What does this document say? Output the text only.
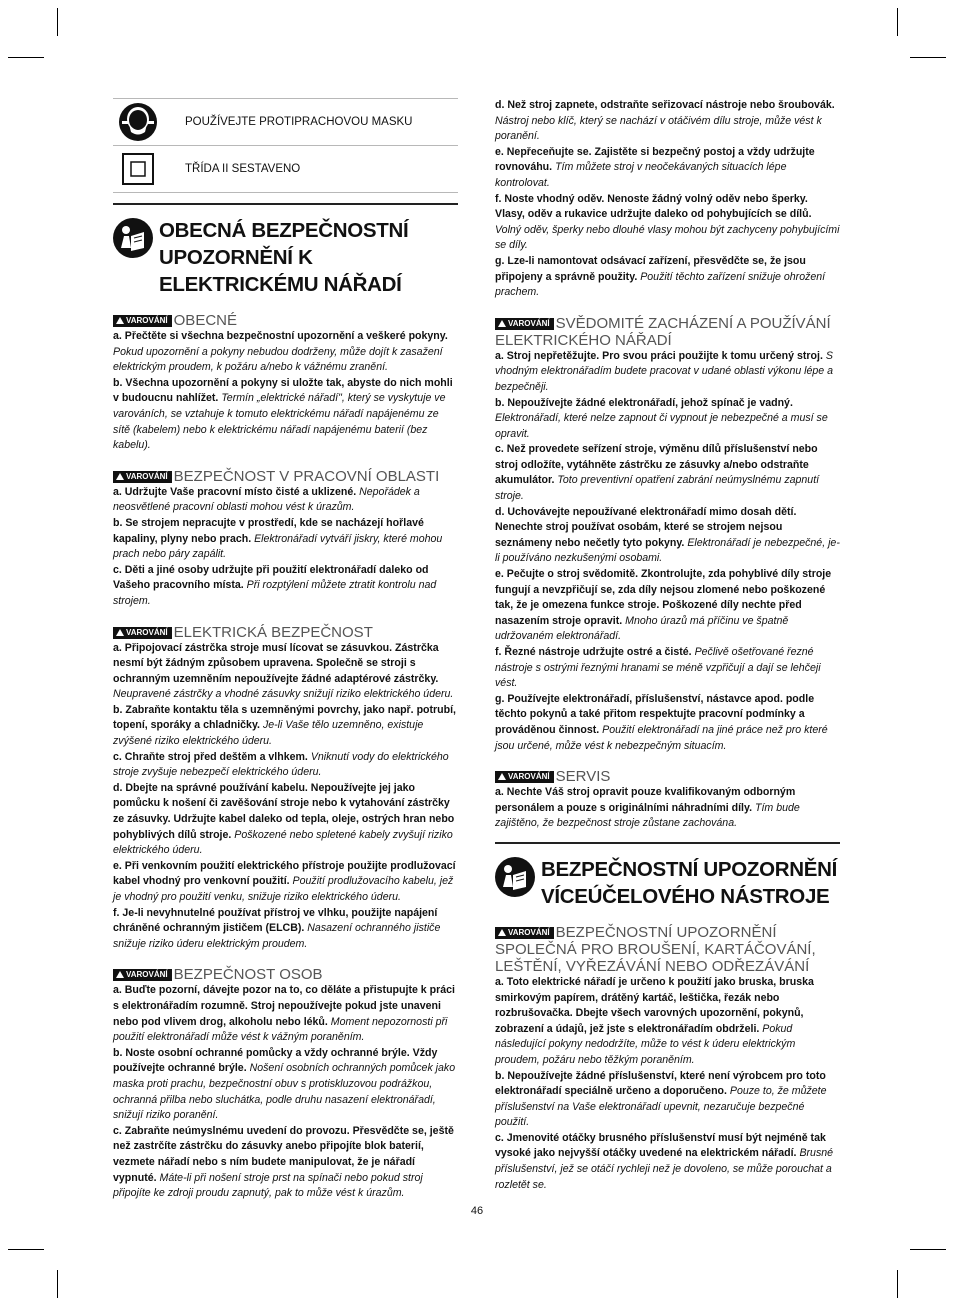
POUŽÍVEJTE PROTIPRACHOVOU MASKU
TŘÍDA II SESTAVENO
OBECNÁ BEZPEČNOSTNÍ UPOZORNĚNÍ K ELEKTRICKÉMU NÁŘADÍ
VAROVÁNÍ OBECNÉ

a. Přečtěte si všechna bezpečnostní upozornění a veškeré pokyny. Pokud upozornění a pokyny nebudou dodrženy, může dojít k zasažení elektrickým proudem, k požáru a/nebo k vážnému zranění.

b. Všechna upozornění a pokyny si uložte tak, abyste do nich mohli v budoucnu nahlížet. Termín „elektrické nářadí", který se vyskytuje ve varováních, se vztahuje k tomuto elektrickému nářadí napájenému ze sítě (kabelem) nebo k elektrickému nářadí napájenému baterií (bez kabelu).

VAROVÁNÍ BEZPEČNOST V PRACOVNÍ OBLASTI

a. Udržujte Vaše pracovní místo čisté a uklizené. Nepořádek a neosvětlené pracovní oblasti mohou vést k úrazům.

b. Se strojem nepracujte v prostředí, kde se nacházejí hořlavé kapaliny, plyny nebo prach. Elektronářadí vytváří jiskry, které mohou prach nebo páry zapálit.

c. Děti a jiné osoby udržujte při použití elektronářadí daleko od Vašeho pracovního místa. Při rozptýlení můžete ztratit kontrolu nad strojem.

VAROVÁNÍ ELEKTRICKÁ BEZPEČNOST

a. Připojovací zástrčka stroje musí lícovat se zásuvkou. Zástrčka nesmí být žádným způsobem upravena. Společně se stroji s ochranným uzemněním nepoužívejte žádné adaptérové zástrčky. Neupravené zástrčky a vhodné zásuvky snižují riziko elektrického úderu.

b. Zabraňte kontaktu těla s uzemněnými povrchy, jako např. potrubí, topení, sporáky a chladničky. Je-li Vaše tělo uzemněno, existuje zvýšené riziko elektrického úderu.

c. Chraňte stroj před deštěm a vlhkem. Vniknutí vody do elektrického stroje zvyšuje nebezpečí elektrického úderu.

d. Dbejte na správné používání kabelu. Nepoužívejte jej jako pomůcku k nošení či zavěšování stroje nebo k vytahování zástrčky ze zásuvky. Udržujte kabel daleko od tepla, oleje, ostrých hran nebo pohyblivých dílů stroje. Poškozené nebo spletené kabely zvyšují riziko elektrického úderu.

e. Při venkovním použití elektrického přístroje použijte prodlužovací kabel vhodný pro venkovní použití. Použití prodlužovacího kabelu, jež je vhodný pro použití venku, snižuje riziko elektrického úderu.

f. Je-li nevyhnutelné používat přístroj ve vlhku, použijte napájení chráněné ochranným jističem (ELCB). Nasazení ochranného jističe snižuje riziko úderu elektrickým proudem.

VAROVÁNÍ BEZPEČNOST OSOB

a. Buďte pozorní, dávejte pozor na to, co děláte a přistupujte k práci s elektronářadím rozumně. Stroj nepoužívejte pokud jste unaveni nebo pod vlivem drog, alkoholu nebo léků. Moment nepozornosti při použití elektronářadí může vést k vážným poraněním.

b. Noste osobní ochranné pomůcky a vždy ochranné brýle. Vždy používejte ochranné brýle. Nošení osobních ochranných pomůcek jako maska proti prachu, bezpečnostní obuv s protiskluzovou podrážkou, ochranná přilba nebo sluchátka, podle druhu nasazení elektronářadí, snižují riziko poranění.

c. Zabraňte neúmyslnému uvedení do provozu. Přesvědčte se, ještě než zastrčíte zástrčku do zásuvky anebo připojíte blok baterií, vezmete nářadí nebo s ním budete manipulovat, že je nářadí vypnuté. Máte-li při nošení stroje prst na spínači nebo pokud stroj připojíte ke zdroji proudu zapnutý, pak to může vést k úrazům.

d. Než stroj zapnete, odstraňte seřizovací nástroje nebo šroubovák. Nástroj nebo klíč, který se nachází v otáčivém dílu stroje, může vést k poranění.

e. Nepřeceňujte se. Zajistěte si bezpečný postoj a vždy udržujte rovnováhu. Tím můžete stroj v neočekávaných situacích lépe kontrolovat.

f. Noste vhodný oděv. Nenoste žádný volný oděv nebo šperky. Vlasy, oděv a rukavice udržujte daleko od pohybujících se dílů. Volný oděv, šperky nebo dlouhé vlasy mohou být zachyceny pohybujícími se díly.

g. Lze-li namontovat odsávací zařízení, přesvědčte se, že jsou připojeny a správně použity. Použití těchto zařízení snižuje ohrožení prachem.

VAROVÁNÍ SVĚDOMITÉ ZACHÁZENÍ A POUŽÍVÁNÍ ELEKTRICKÉHO NÁŘADÍ

a. Stroj nepřetěžujte. Pro svou práci použijte k tomu určený stroj. S vhodným elektronářadím budete pracovat v udané oblasti výkonu lépe a bezpečněji.

b. Nepoužívejte žádné elektronářadí, jehož spínač je vadný. Elektronářadí, které nelze zapnout či vypnout je nebezpečné a musí se opravit.

c. Než provedete seřízení stroje, výměnu dílů příslušenství nebo stroj odložíte, vytáhněte zástrčku ze zásuvky a/nebo odstraňte akumulátor. Toto preventivní opatření zabrání neúmyslnému zapnutí stroje.

d. Uchovávejte nepoužívané elektronářadí mimo dosah dětí. Nenechte stroj používat osobám, které se strojem nejsou seznámeny nebo nečetly tyto pokyny. Elektronářadí je nebezpečné, je-li používáno nezkušenými osobami.

e. Pečujte o stroj svědomitě. Zkontrolujte, zda pohyblivé díly stroje fungují a nevzpřičují se, zda díly nejsou zlomené nebo poškozené tak, že je omezena funkce stroje. Poškozené díly nechte před nasazením stroje opravit. Mnoho úrazů má příčinu ve špatně udržovaném elektronářadí.

f. Řezné nástroje udržujte ostré a čisté. Pečlivě ošetřované řezné nástroje s ostrými řeznými hranami se méně vzpřičují a dají se lehčeji vést.

g. Používejte elektronářadí, příslušenství, nástavce apod. podle těchto pokynů a také přitom respektujte pracovní podmínky a prováděnou činnost. Použití elektronářadí na jiné práce než pro které jsou určené, může vést k nebezpečným situacím.

VAROVÁNÍ SERVIS

a. Nechte Váš stroj opravit pouze kvalifikovaným odborným personálem a pouze s originálními náhradními díly. Tím bude zajištěno, že bezpečnost stroje zůstane zachována.

BEZPEČNOSTNÍ UPOZORNĚNÍ VÍCEÚČELOVÉHO NÁSTROJE
VAROVÁNÍ BEZPEČNOSTNÍ UPOZORNĚNÍ SPOLEČNÁ PRO BROUŠENÍ, KARTÁČOVÁNÍ, LEŠTĚNÍ, VYŘEZÁVÁNÍ NEBO ODŘEZÁVÁNÍ

a. Toto elektrické nářadí je určeno k použití jako bruska, bruska smirkovým papírem, drátěný kartáč, leštička, řezák nebo rozbrušovačka. Dbejte všech varovných upozornění, pokynů, zobrazení a údajů, jež jste s elektronářadím obdrželi. Pokud následující pokyny nedodržíte, může to vést k úderu elektrickým proudem, požáru nebo těžkým poraněním.

b. Nepoužívejte žádné příslušenství, které není výrobcem pro toto elektronářadí speciálně určeno a doporučeno. Pouze to, že můžete příslušenství na Vaše elektronářadí upevnit, nezaručuje bezpečné použití.

c. Jmenovité otáčky brusného příslušenství musí být nejméně tak vysoké jako nejvyšší otáčky uvedené na elektrickém nářadí. Brusné příslušenství, jež se otáčí rychleji než je dovoleno, se může porouchat a rozletět se.

46
